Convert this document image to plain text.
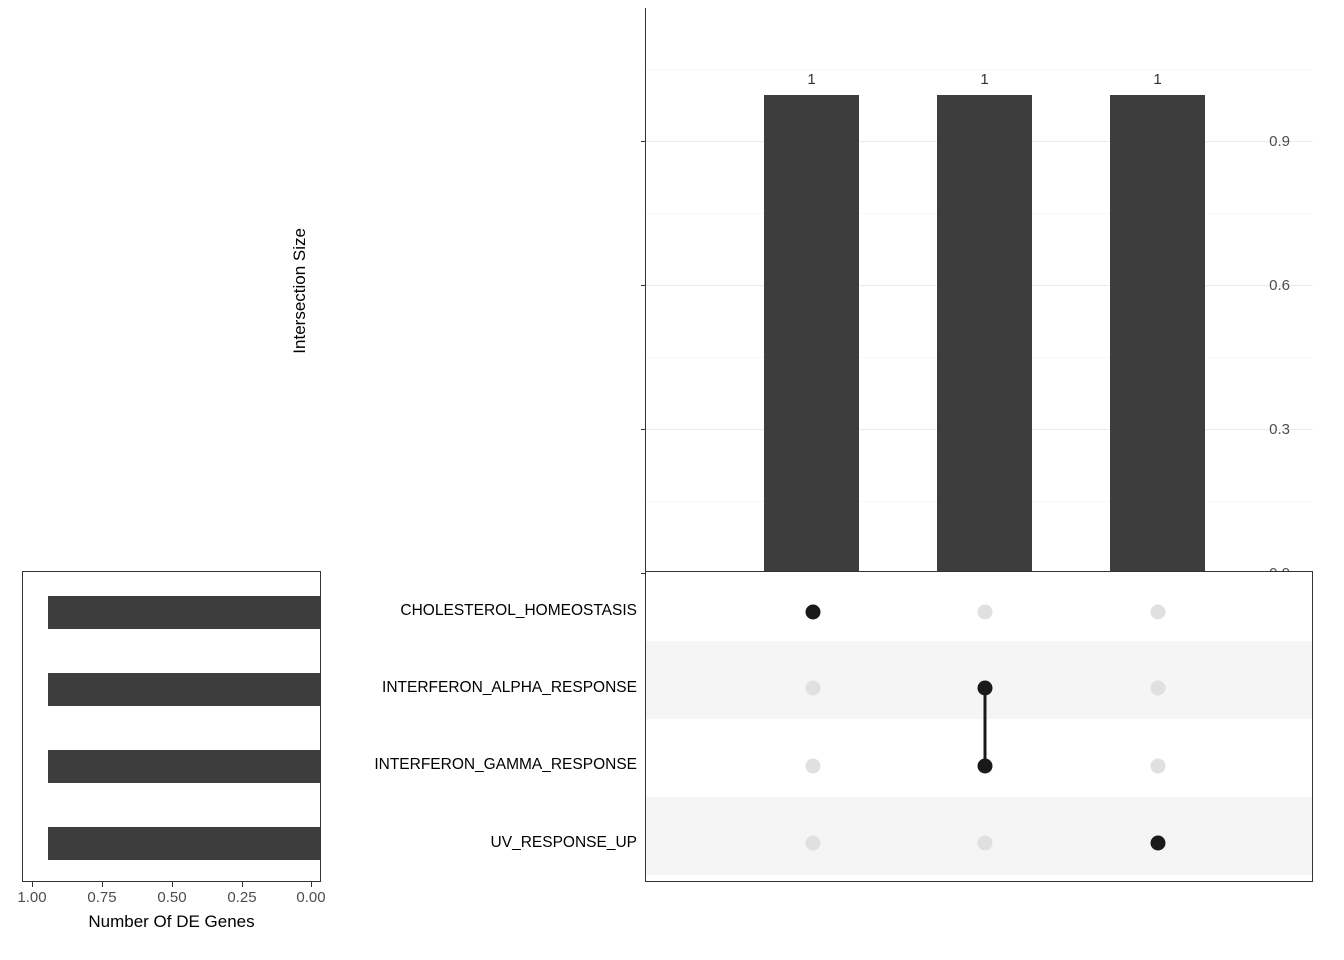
1	1	1
0.9
0.6
0.3
Intersection Size
CHOLESTEROL_HOMEOSTASIS
INTERFERON_ALPHA_RESPONSE
INTERFERON_GAMMA_RESPONSE
UV_RESPONSE_UP
1.00	0.75	0.50	0.25	0.00
Number Of DE Genes
